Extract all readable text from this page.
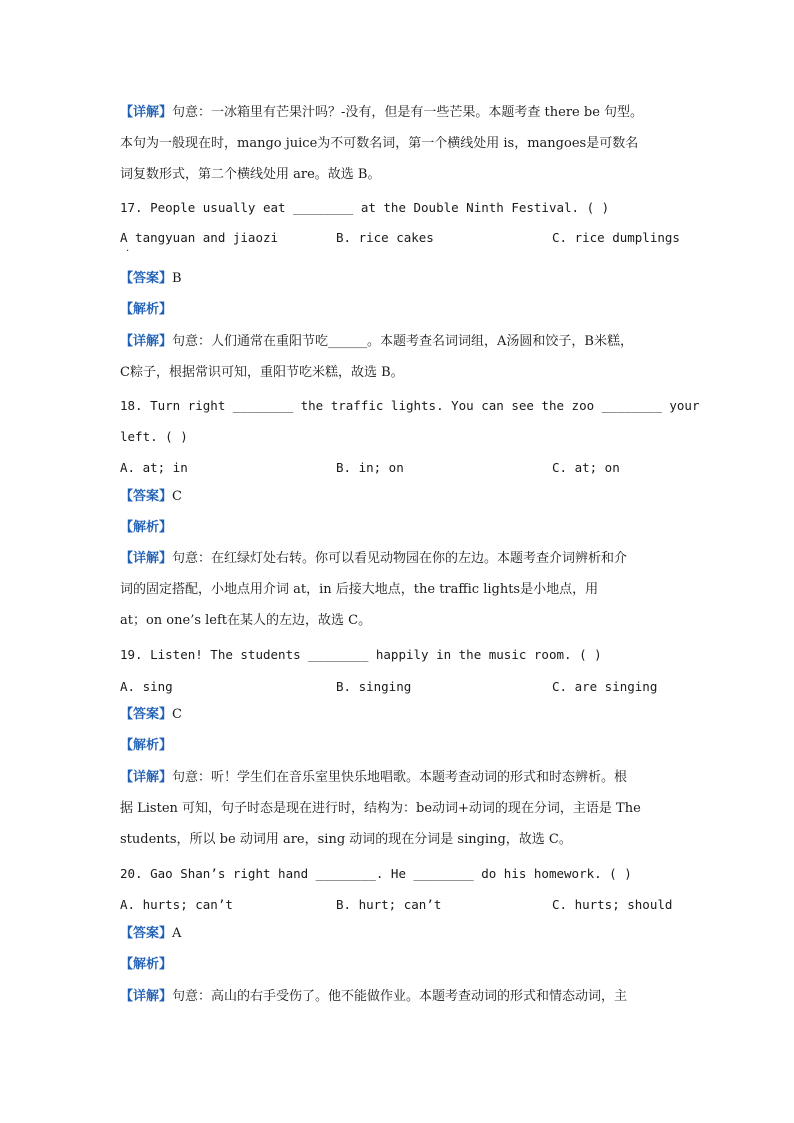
【详解】句意：一冰箱里有芒果汁吗？-没有，但是有一些芒果。本题考查 there be 句型。
本句为一般现在时，mango juice为不可数名词，第一个横线处用 is，mangoes是可数名
词复数形式，第二个横线处用 are。故选 B。
17. People usually eat ________ at the Double Ninth Festival. ( )
A tangyuan and jiaozi	B. rice cakes	C. rice dumplings
.
【答案】B
【解析】
【详解】句意：人们通常在重阳节吃______。本题考查名词词组，A汤圆和饺子，B米糕，
C粽子，根据常识可知，重阳节吃米糕，故选 B。
18. Turn right ________ the traffic lights. You can see the zoo ________ your
left. ( )
A. at; in	B. in; on	C. at; on
【答案】C
【解析】
【详解】句意：在红绿灯处右转。你可以看见动物园在你的左边。本题考查介词辨析和介
词的固定搭配，小地点用介词 at，in 后接大地点，the traffic lights是小地点，用
at；on one’s left在某人的左边，故选 C。
19. Listen! The students ________ happily in the music room. ( )
A. sing	B. singing	C. are singing
【答案】C
【解析】
【详解】句意：听！学生们在音乐室里快乐地唱歌。本题考查动词的形式和时态辨析。根
据 Listen 可知，句子时态是现在进行时，结构为：be动词+动词的现在分词，主语是 The
students，所以 be 动词用 are，sing 动词的现在分词是 singing，故选 C。
20. Gao Shan’s right hand ________. He ________ do his homework. ( )
A. hurts; can’t	B. hurt; can’t	C. hurts; should
【答案】A
【解析】
【详解】句意：高山的右手受伤了。他不能做作业。本题考查动词的形式和情态动词，主
